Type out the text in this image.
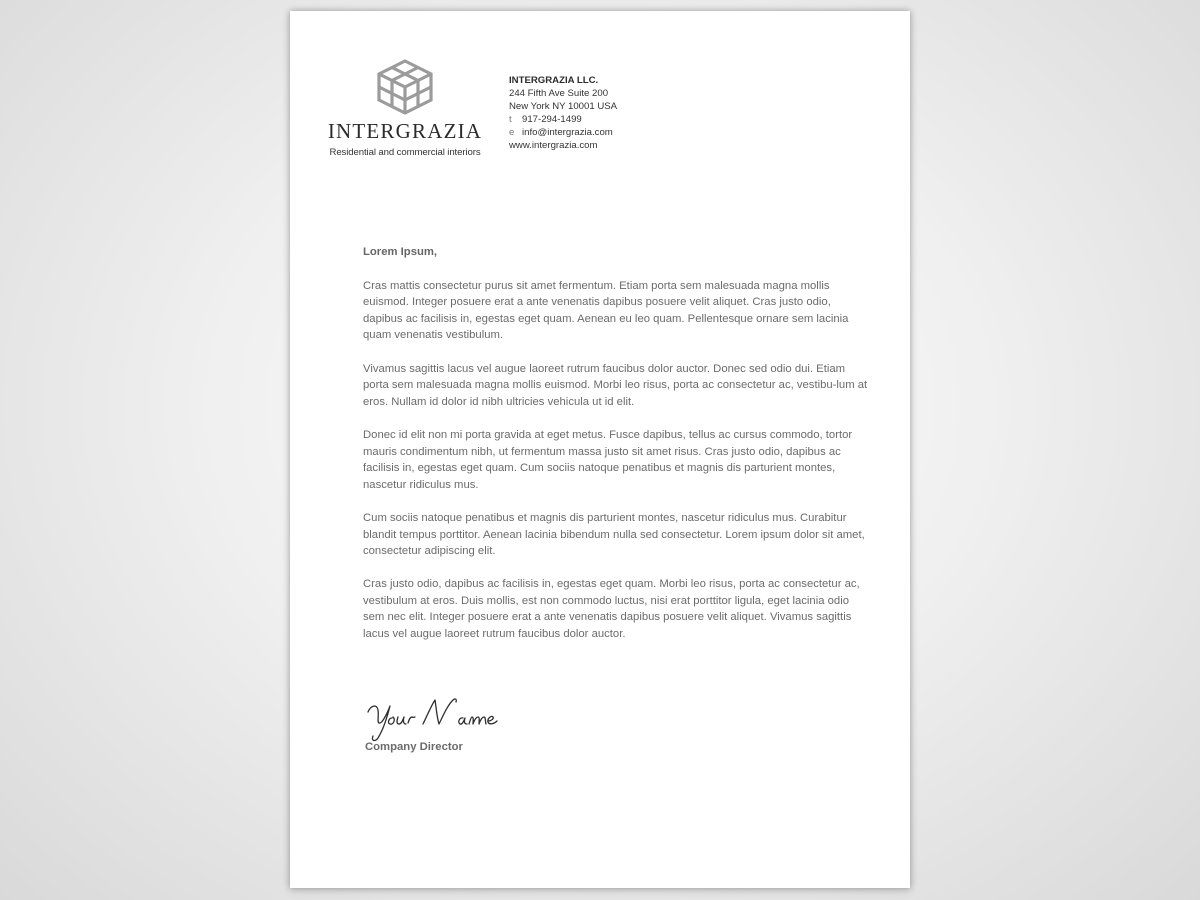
INTERGRAZIA
Residential and commercial interiors
INTERGRAZIA LLC.
244 Fifth Ave Suite 200
New York NY 10001 USA
t 917-294-1499
e info@intergrazia.com
www.intergrazia.com

Lorem Ipsum,

Cras mattis consectetur purus sit amet fermentum. Etiam porta sem malesuada magna mollis euismod. Integer posuere erat a ante venenatis dapibus posuere velit aliquet. Cras justo odio, dapibus ac facilisis in, egestas eget quam. Aenean eu leo quam. Pellentesque ornare sem lacinia quam venenatis vestibulum.

Vivamus sagittis lacus vel augue laoreet rutrum faucibus dolor auctor. Donec sed odio dui. Etiam porta sem malesuada magna mollis euismod. Morbi leo risus, porta ac consectetur ac, vestibu-lum at eros. Nullam id dolor id nibh ultricies vehicula ut id elit.

Donec id elit non mi porta gravida at eget metus. Fusce dapibus, tellus ac cursus commodo, tortor mauris condimentum nibh, ut fermentum massa justo sit amet risus. Cras justo odio, dapibus ac facilisis in, egestas eget quam. Cum sociis natoque penatibus et magnis dis parturient montes, nascetur ridiculus mus.

Cum sociis natoque penatibus et magnis dis parturient montes, nascetur ridiculus mus. Curabitur blandit tempus porttitor. Aenean lacinia bibendum nulla sed consectetur. Lorem ipsum dolor sit amet, consectetur adipiscing elit.

Cras justo odio, dapibus ac facilisis in, egestas eget quam. Morbi leo risus, porta ac consectetur ac, vestibulum at eros. Duis mollis, est non commodo luctus, nisi erat porttitor ligula, eget lacinia odio sem nec elit. Integer posuere erat a ante venenatis dapibus posuere velit aliquet. Vivamus sagittis lacus vel augue laoreet rutrum faucibus dolor auctor.

Company Director
